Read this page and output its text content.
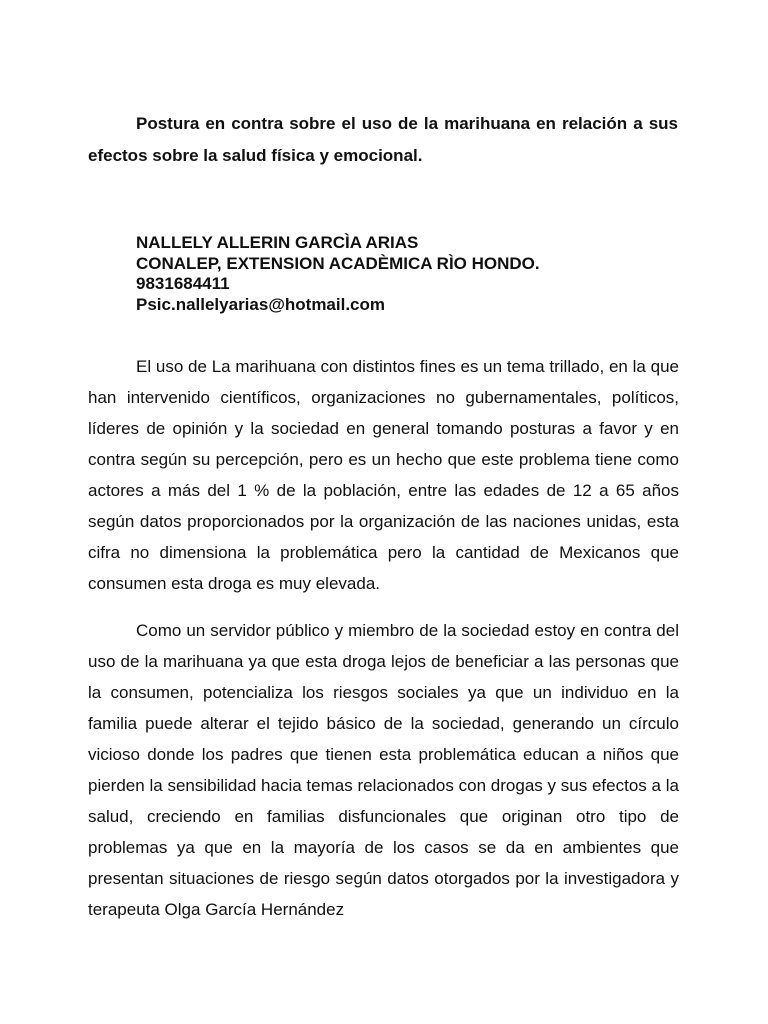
Postura en contra sobre el uso de la marihuana en relación a sus efectos sobre la salud física y emocional.

NALLELY ALLERIN GARCÌA ARIAS
CONALEP, EXTENSION ACADÈMICA RÌO HONDO.
9831684411
Psic.nallelyarias@hotmail.com

El uso de La marihuana con distintos fines es un tema trillado, en la que han intervenido científicos, organizaciones no gubernamentales, políticos, líderes de opinión y la sociedad en general tomando posturas a favor y en contra según su percepción, pero es un hecho que este problema tiene como actores a más del 1 % de la población, entre las edades de 12 a 65 años según datos proporcionados por la organización de las naciones unidas, esta cifra no dimensiona la problemática pero la cantidad de Mexicanos que consumen esta droga es muy elevada.

Como un servidor público y miembro de la sociedad estoy en contra del uso de la marihuana ya que esta droga lejos de beneficiar a las personas que la consumen, potencializa los riesgos sociales ya que un individuo en la familia puede alterar el tejido básico de la sociedad, generando un círculo vicioso donde los padres que tienen esta problemática educan a niños que pierden la sensibilidad hacia temas relacionados con drogas y sus efectos a la salud, creciendo en familias disfuncionales que originan otro tipo de problemas ya que en la mayoría de los casos se da en ambientes que presentan situaciones de riesgo según datos otorgados por la investigadora y terapeuta Olga García Hernández
